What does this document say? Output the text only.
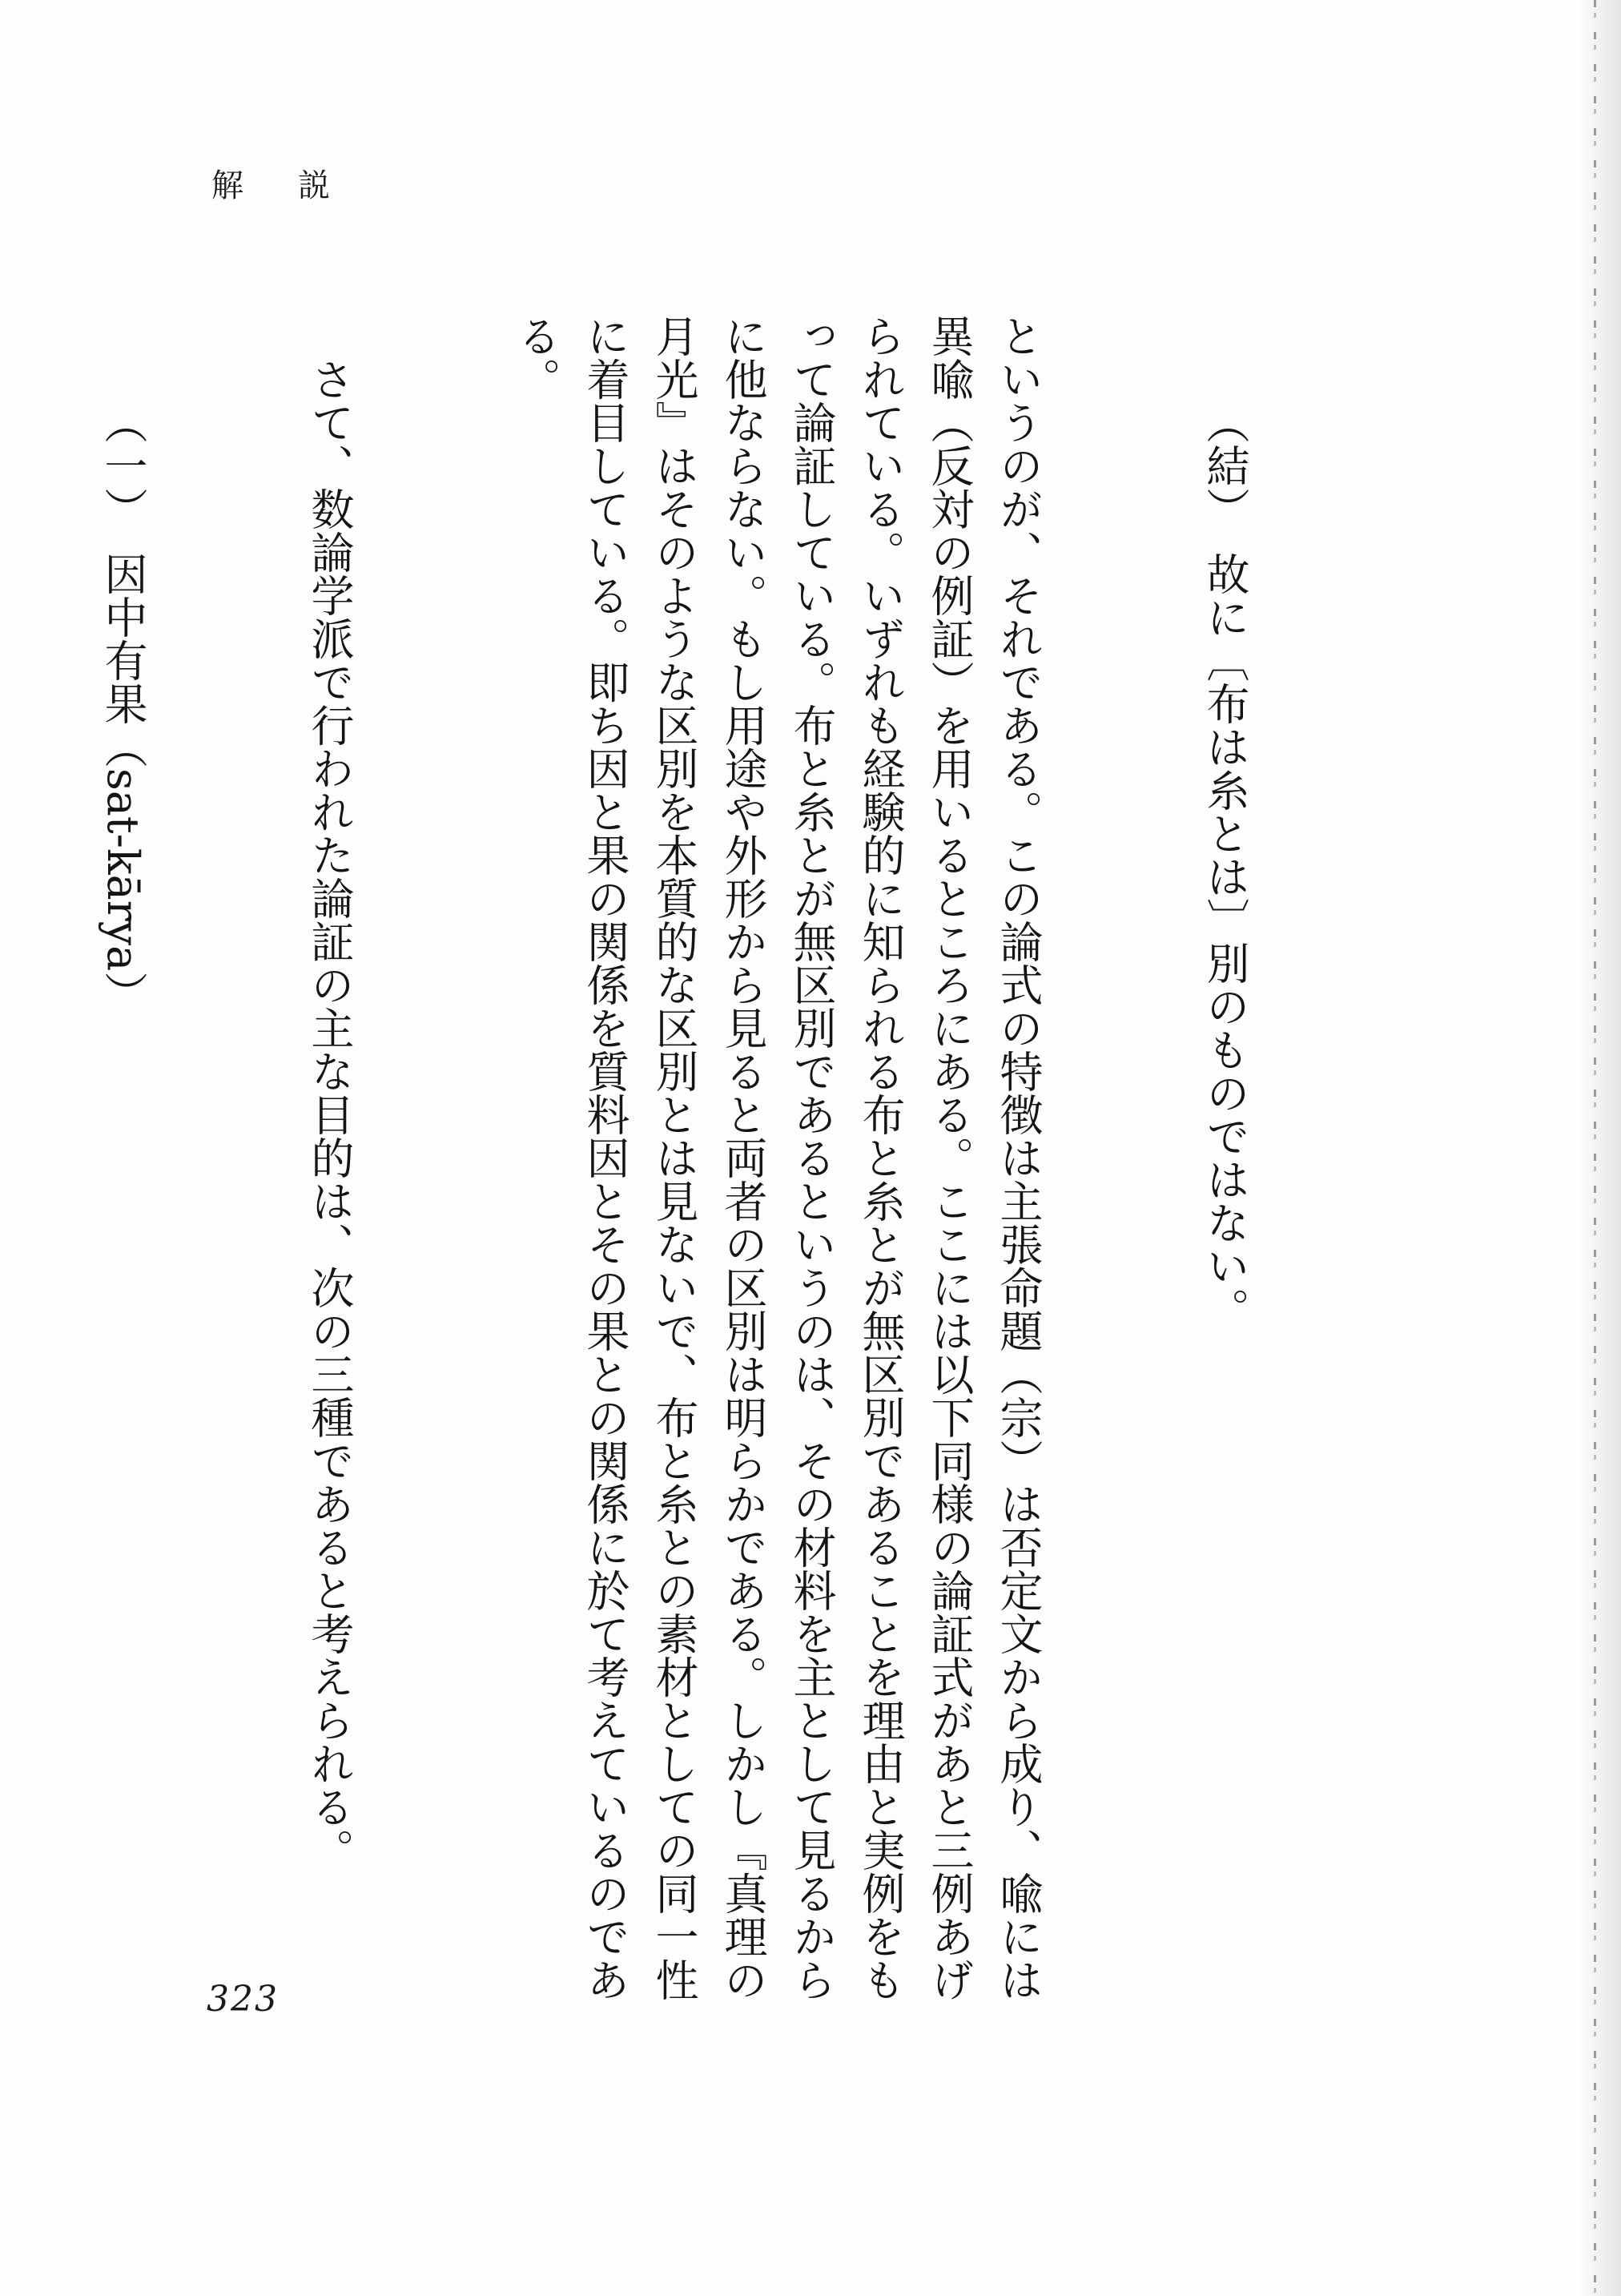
解　説

（結）　故に〔布は糸とは〕別のものではない。

というのが、それである。この論式の特徴は主張命題（宗）は否定文から成り、喩には異喩（反対の例証）を用いるところにある。ここには以下同様の論証式があと三例あげられている。いずれも経験的に知られる布と糸とが無区別であることを理由と実例をもって論証している。布と糸とが無区別であるというのは、その材料を主として見るからに他ならない。もし用途や外形から見ると両者の区別は明らかである。しかし『真理の月光』はそのような区別を本質的な区別とは見ないで、布と糸との素材としての同一性に着目している。即ち因と果の関係を質料因とその果との関係に於て考えているのである。

さて、数論学派で行われた論証の主な目的は、次の三種であると考えられる。

（一）　因中有果（sat-kārya）

323
